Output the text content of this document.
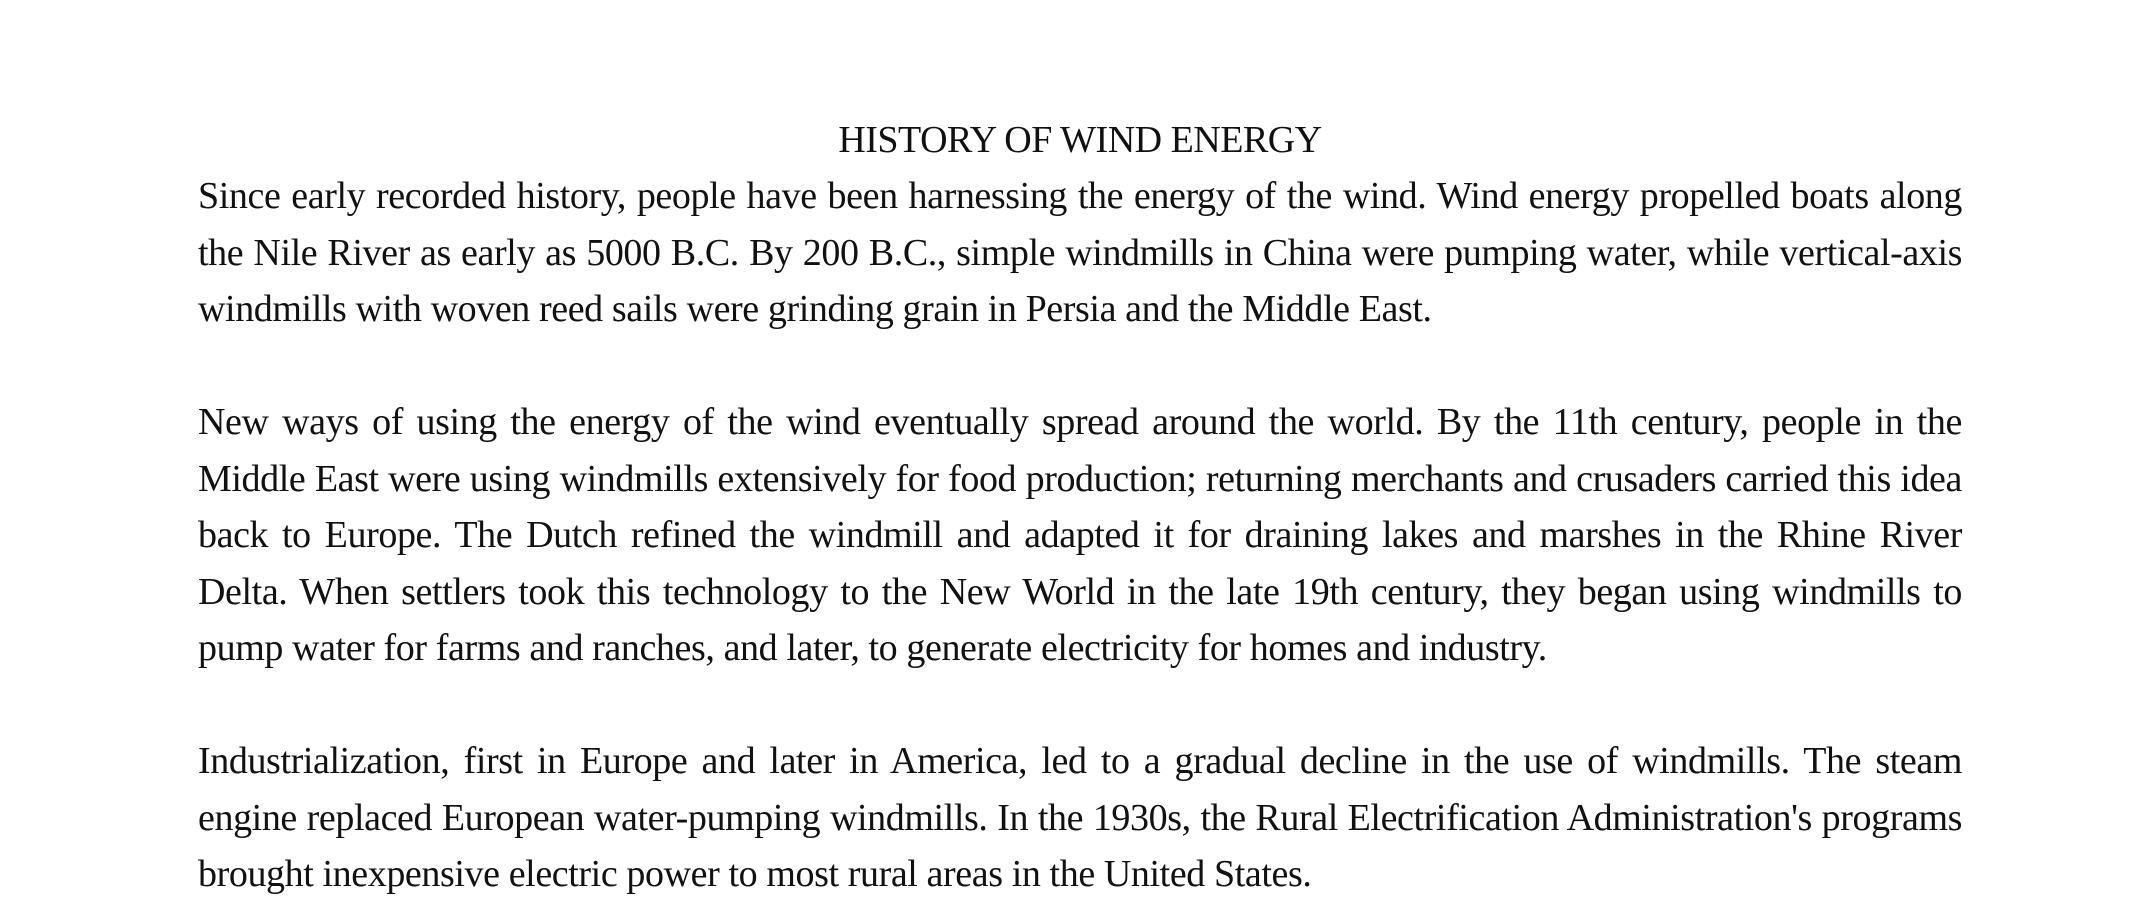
HISTORY OF WIND ENERGY

Since early recorded history, people have been harnessing the energy of the wind. Wind energy propelled boats along the Nile River as early as 5000 B.C. By 200 B.C., simple windmills in China were pumping water, while vertical-axis windmills with woven reed sails were grinding grain in Persia and the Middle East.

New ways of using the energy of the wind eventually spread around the world. By the 11th century, people in the Middle East were using windmills extensively for food production; returning merchants and crusaders carried this idea back to Europe. The Dutch refined the windmill and adapted it for draining lakes and marshes in the Rhine River Delta. When settlers took this technology to the New World in the late 19th century, they began using windmills to pump water for farms and ranches, and later, to generate electricity for homes and industry.

Industrialization, first in Europe and later in America, led to a gradual decline in the use of windmills. The steam engine replaced European water-pumping windmills. In the 1930s, the Rural Electrification Administration's programs brought inexpensive electric power to most rural areas in the United States.
